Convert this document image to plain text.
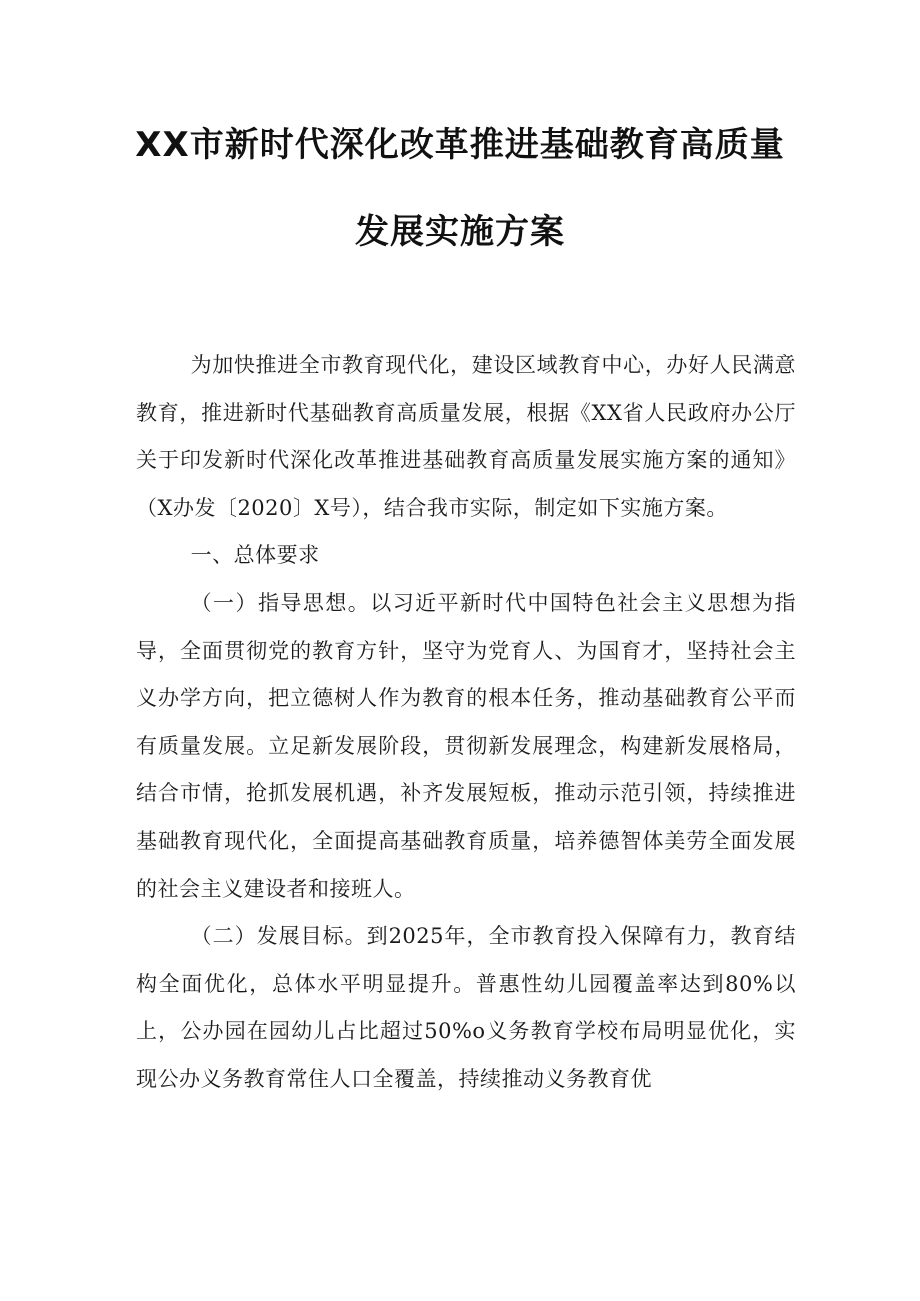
XX市新时代深化改革推进基础教育高质量
发展实施方案

为加快推进全市教育现代化，建设区域教育中心，办好人民满意教育，推进新时代基础教育高质量发展，根据《XX省人民政府办公厅关于印发新时代深化改革推进基础教育高质量发展实施方案的通知》（X办发〔2020〕X号），结合我市实际，制定如下实施方案。

一、总体要求

（一）指导思想。以习近平新时代中国特色社会主义思想为指导，全面贯彻党的教育方针，坚守为党育人、为国育才，坚持社会主义办学方向，把立德树人作为教育的根本任务，推动基础教育公平而有质量发展。立足新发展阶段，贯彻新发展理念，构建新发展格局，结合市情，抢抓发展机遇，补齐发展短板，推动示范引领，持续推进基础教育现代化，全面提高基础教育质量，培养德智体美劳全面发展的社会主义建设者和接班人。

（二）发展目标。到2025年，全市教育投入保障有力，教育结构全面优化，总体水平明显提升。普惠性幼儿园覆盖率达到80%以上，公办园在园幼儿占比超过50%o义务教育学校布局明显优化，实现公办义务教育常住人口全覆盖，持续推动义务教育优
